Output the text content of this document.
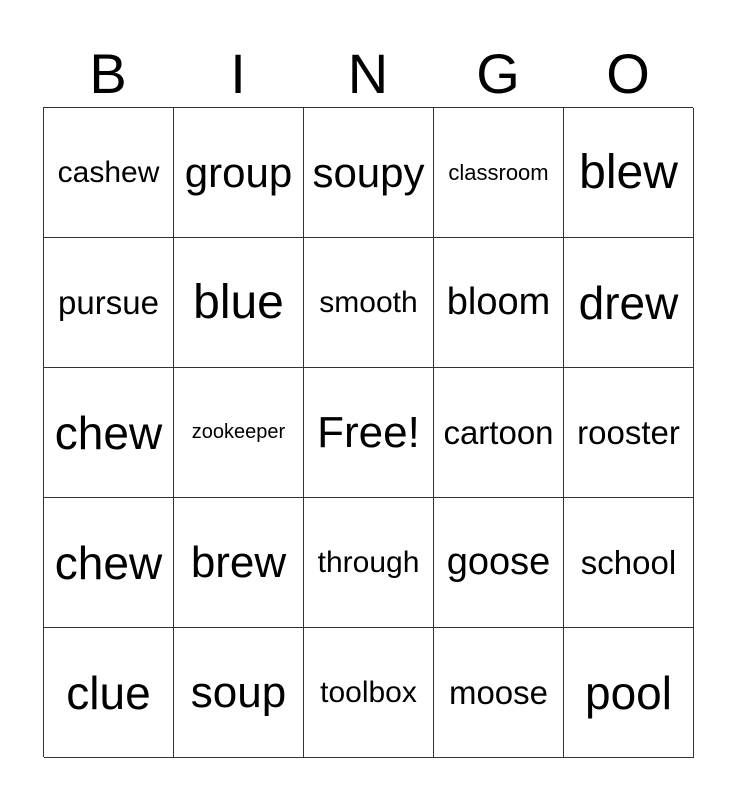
B	I	N	G	O
cashew group soupy classroom blew
pursue blue smooth bloom drew
chew zookeeper Free! cartoon rooster
chew brew through goose school
clue soup toolbox moose pool
